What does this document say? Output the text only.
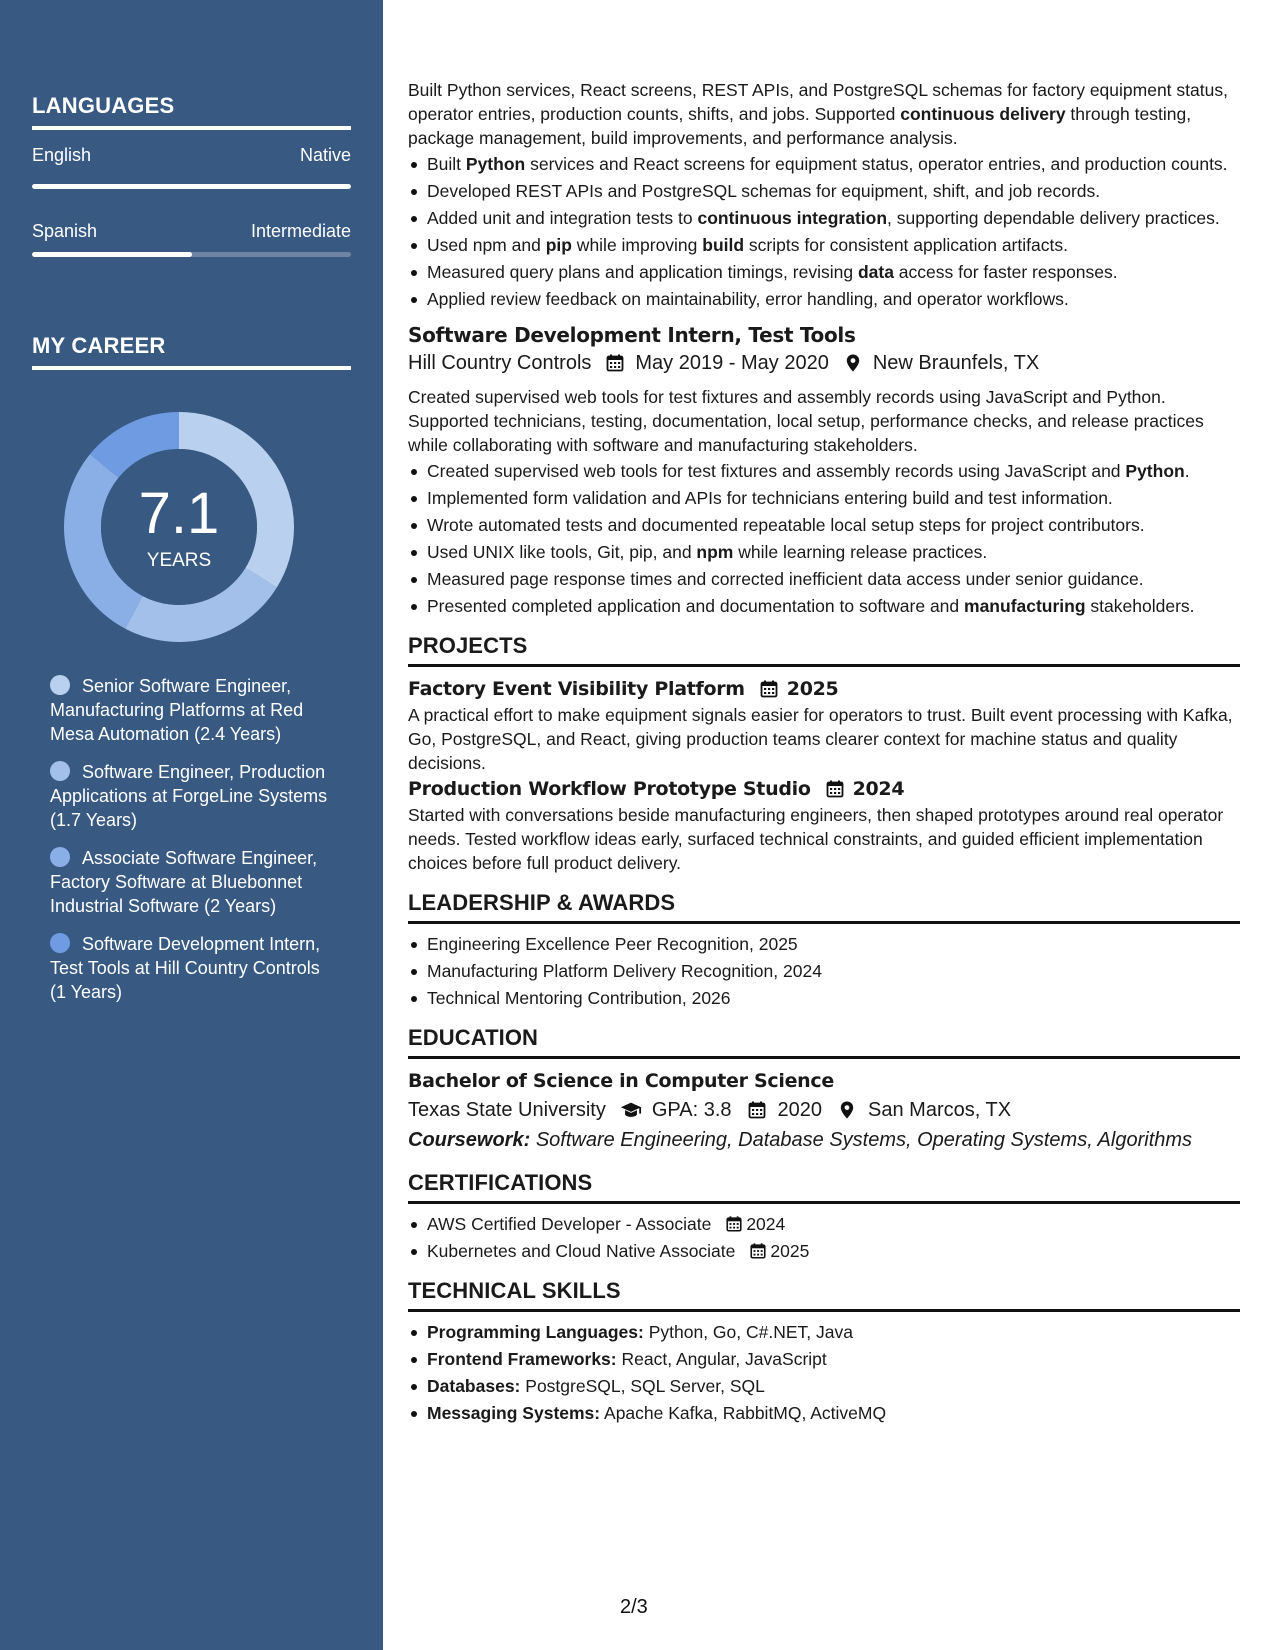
LANGUAGES
English	Native
Spanish	Intermediate
MY CAREER
7.1
YEARS
Senior Software Engineer, Manufacturing Platforms at Red Mesa Automation (2.4 Years)
Software Engineer, Production Applications at ForgeLine Systems (1.7 Years)
Associate Software Engineer, Factory Software at Bluebonnet Industrial Software (2 Years)
Software Development Intern, Test Tools at Hill Country Controls (1 Years)

Built Python services, React screens, REST APIs, and PostgreSQL schemas for factory equipment status, operator entries, production counts, shifts, and jobs. Supported continuous delivery through testing, package management, build improvements, and performance analysis.

Built Python services and React screens for equipment status, operator entries, and production counts.
Developed REST APIs and PostgreSQL schemas for equipment, shift, and job records.
Added unit and integration tests to continuous integration, supporting dependable delivery practices.
Used npm and pip while improving build scripts for consistent application artifacts.
Measured query plans and application timings, revising data access for faster responses.
Applied review feedback on maintainability, error handling, and operator workflows.
Software Development Intern, Test Tools
Hill Country Controls May 2019 - May 2020 New Braunfels, TX

Created supervised web tools for test fixtures and assembly records using JavaScript and Python. Supported technicians, testing, documentation, local setup, performance checks, and release practices while collaborating with software and manufacturing stakeholders.

Created supervised web tools for test fixtures and assembly records using JavaScript and Python.
Implemented form validation and APIs for technicians entering build and test information.
Wrote automated tests and documented repeatable local setup steps for project contributors.
Used UNIX like tools, Git, pip, and npm while learning release practices.
Measured page response times and corrected inefficient data access under senior guidance.
Presented completed application and documentation to software and manufacturing stakeholders.
PROJECTS
Factory Event Visibility Platform 2025

A practical effort to make equipment signals easier for operators to trust. Built event processing with Kafka, Go, PostgreSQL, and React, giving production teams clearer context for machine status and quality decisions.

Production Workflow Prototype Studio 2024

Started with conversations beside manufacturing engineers, then shaped prototypes around real operator needs. Tested workflow ideas early, surfaced technical constraints, and guided efficient implementation choices before full product delivery.

LEADERSHIP & AWARDS
Engineering Excellence Peer Recognition, 2025
Manufacturing Platform Delivery Recognition, 2024
Technical Mentoring Contribution, 2026
EDUCATION
Bachelor of Science in Computer Science
Texas State University GPA: 3.8 2020 San Marcos, TX
Coursework: Software Engineering, Database Systems, Operating Systems, Algorithms
CERTIFICATIONS
AWS Certified Developer - Associate 2024
Kubernetes and Cloud Native Associate 2025
TECHNICAL SKILLS
Programming Languages: Python, Go, C#.NET, Java
Frontend Frameworks: React, Angular, JavaScript
Databases: PostgreSQL, SQL Server, SQL
Messaging Systems: Apache Kafka, RabbitMQ, ActiveMQ
2/3
